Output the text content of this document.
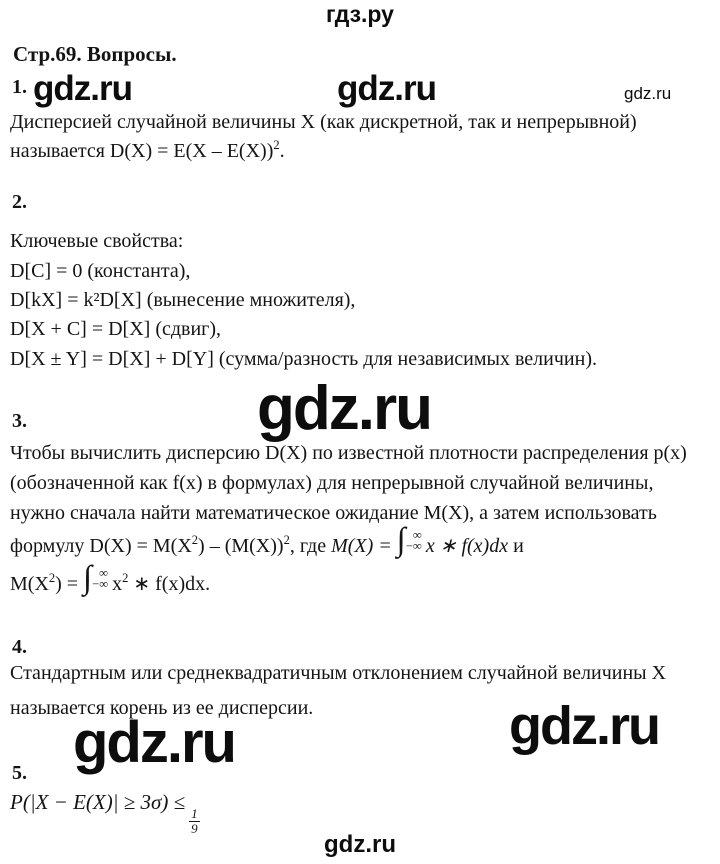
гдз.ру
Стр.69. Вопросы.
1. gdz.ru	gdz.ru	gdz.ru
Дисперсией случайной величины X (как дискретной, так и непрерывной)
называется D(X) = E(X – E(X))$^2$.
2.
Ключевые свойства:
D[C] = 0 (константа),
D[kX] = k²D[X] (вынесение множителя),
D[X + C] = D[X] (сдвиг),
D[X ± Y] = D[X] + D[Y] (сумма/разность для независимых величин).
3.	gdz.ru
Чтобы вычислить дисперсию D(X) по известной плотности распределения p(x)
(обозначенной как f(x) в формулах) для непрерывной случайной величины,
нужно сначала найти математическое ожидание M(X), а затем использовать
формулу $D(X) = M(X^2) - (M(X))^2$, где M(X) = ∫ ∞
−∞ x ∗ f(x)dx и
$M(X^2)$ = ∫ ∞
−∞ $x^2$ ∗ f(x)dx.
4.
Стандартным или среднеквадратичным отклонением случайной величины X
называется корень из ее дисперсии.
gdz.ru	gdz.ru
5.
P(|X − E(X)| ≥ 3σ) ≤
$\frac{1}{9}$
gdz.ru
